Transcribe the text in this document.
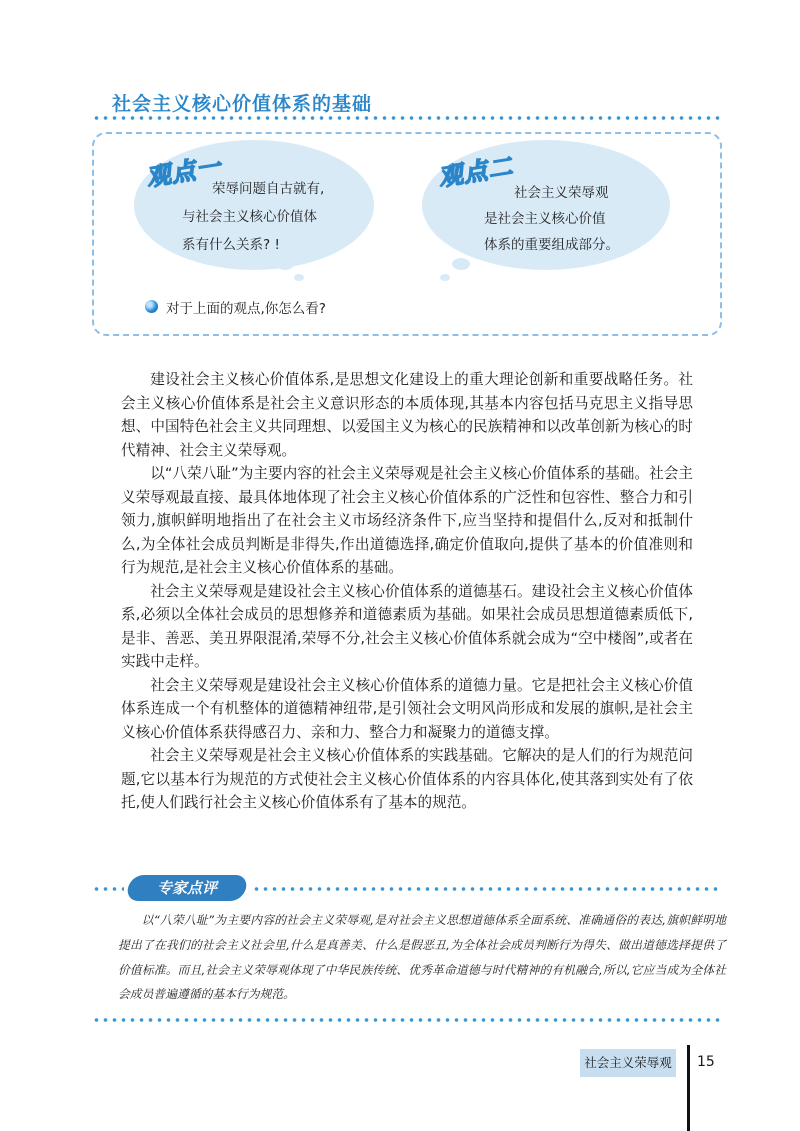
社会主义核心价值体系的基础

观点一

荣辱问题自古就有,

与社会主义核心价值体

系有什么关系? !

观点二

社会主义荣辱观

是社会主义核心价值

体系的重要组成部分。

对于上面的观点,你怎么看?

建设社会主义核心价值体系,是思想文化建设上的重大理论创新和重要战略任务。社会主义核心价值体系是社会主义意识形态的本质体现,其基本内容包括马克思主义指导思想、中国特色社会主义共同理想、以爱国主义为核心的民族精神和以改革创新为核心的时代精神、社会主义荣辱观。

以“八荣八耻”为主要内容的社会主义荣辱观是社会主义核心价值体系的基础。社会主义荣辱观最直接、最具体地体现了社会主义核心价值体系的广泛性和包容性、整合力和引领力,旗帜鲜明地指出了在社会主义市场经济条件下,应当坚持和提倡什么,反对和抵制什么,为全体社会成员判断是非得失,作出道德选择,确定价值取向,提供了基本的价值准则和行为规范,是社会主义核心价值体系的基础。

社会主义荣辱观是建设社会主义核心价值体系的道德基石。建设社会主义核心价值体系,必须以全体社会成员的思想修养和道德素质为基础。如果社会成员思想道德素质低下,是非、善恶、美丑界限混淆,荣辱不分,社会主义核心价值体系就会成为“空中楼阁”,或者在实践中走样。

社会主义荣辱观是建设社会主义核心价值体系的道德力量。它是把社会主义核心价值体系连成一个有机整体的道德精神纽带,是引领社会文明风尚形成和发展的旗帜,是社会主义核心价值体系获得感召力、亲和力、整合力和凝聚力的道德支撑。

社会主义荣辱观是社会主义核心价值体系的实践基础。它解决的是人们的行为规范问题,它以基本行为规范的方式使社会主义核心价值体系的内容具体化,使其落到实处有了依托,使人们践行社会主义核心价值体系有了基本的规范。

专家点评

以“八荣八耻”为主要内容的社会主义荣辱观,是对社会主义思想道德体系全面系统、准确通俗的表达,旗帜鲜明地提出了在我们的社会主义社会里,什么是真善美、什么是假恶丑,为全体社会成员判断行为得失、做出道德选择提供了价值标准。而且,社会主义荣辱观体现了中华民族传统、优秀革命道德与时代精神的有机融合,所以,它应当成为全体社会成员普遍遵循的基本行为规范。

社会主义荣辱观	15
